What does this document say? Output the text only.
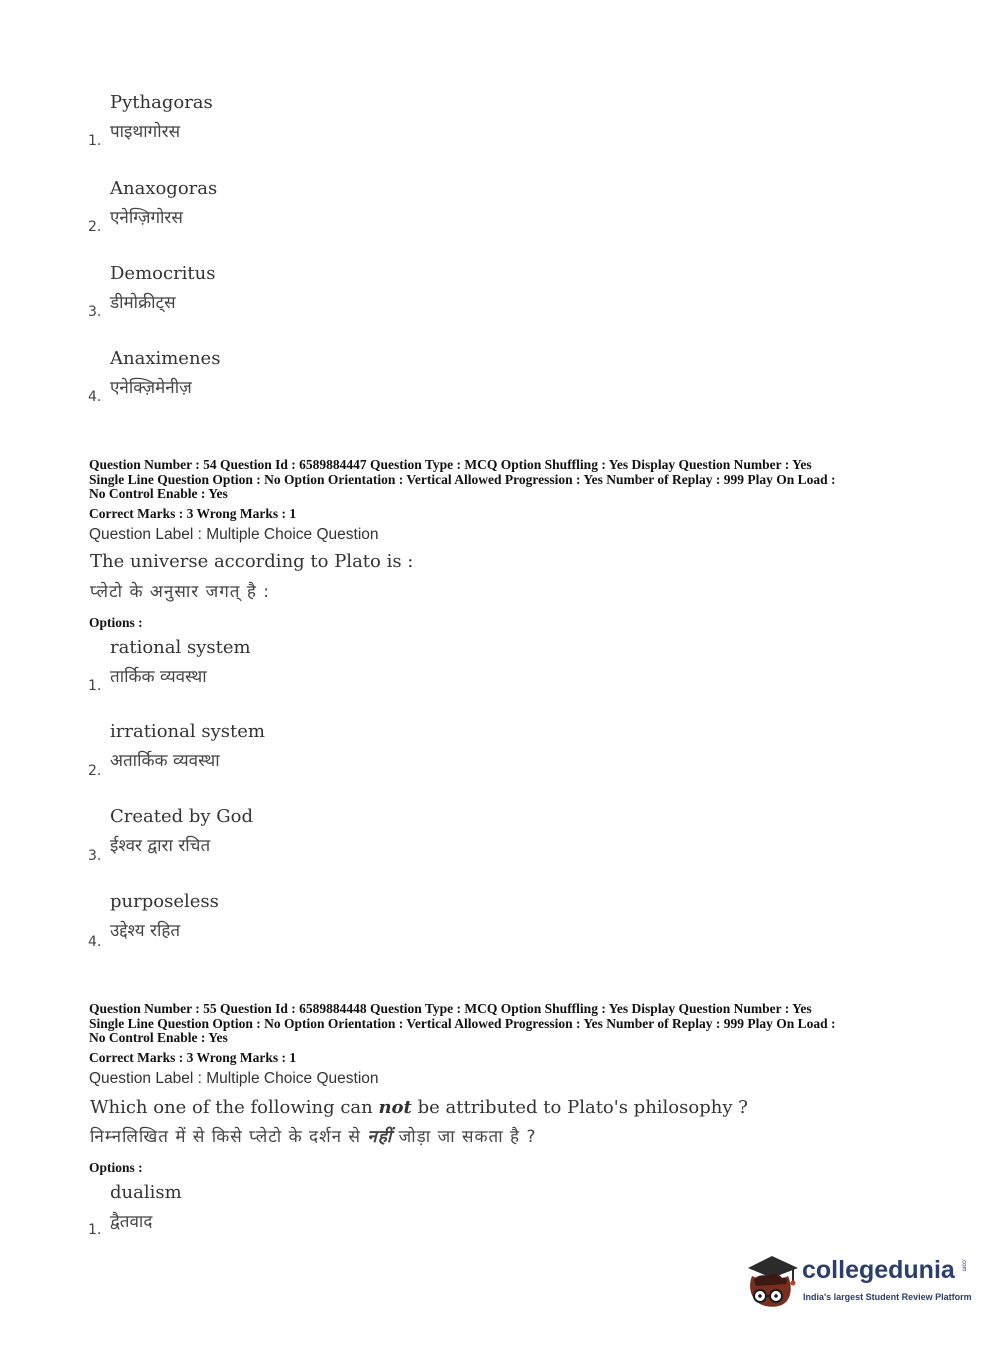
Pythagoras
पाइथागोरस
1.
Anaxogoras
एनेग्ज़िगोरस
2.
Democritus
डीमोक्रीट्स
3.
Anaximenes
एनेक्ज़िमेनीज़
4.
Question Number : 54 Question Id : 6589884447 Question Type : MCQ Option Shuffling : Yes Display Question Number : Yes
Single Line Question Option : No Option Orientation : Vertical Allowed Progression : Yes Number of Replay : 999 Play On Load :
No Control Enable : Yes
Correct Marks : 3 Wrong Marks : 1
Question Label : Multiple Choice Question
The universe according to Plato is :
प्लेटो के अनुसार जगत् है :
Options :
rational system
तार्किक व्यवस्था
1.
irrational system
अतार्किक व्यवस्था
2.
Created by God
ईश्वर द्वारा रचित
3.
purposeless
उद्देश्य रहित
4.
Question Number : 55 Question Id : 6589884448 Question Type : MCQ Option Shuffling : Yes Display Question Number : Yes
Single Line Question Option : No Option Orientation : Vertical Allowed Progression : Yes Number of Replay : 999 Play On Load :
No Control Enable : Yes
Correct Marks : 3 Wrong Marks : 1
Question Label : Multiple Choice Question
Which one of the following can not be attributed to Plato's philosophy ?
निम्नलिखित में से किसे प्लेटो के दर्शन से नहीं जोड़ा जा सकता है ?
Options :
dualism
द्वैतवाद
1.
collegedunia .com
India's largest Student Review Platform
